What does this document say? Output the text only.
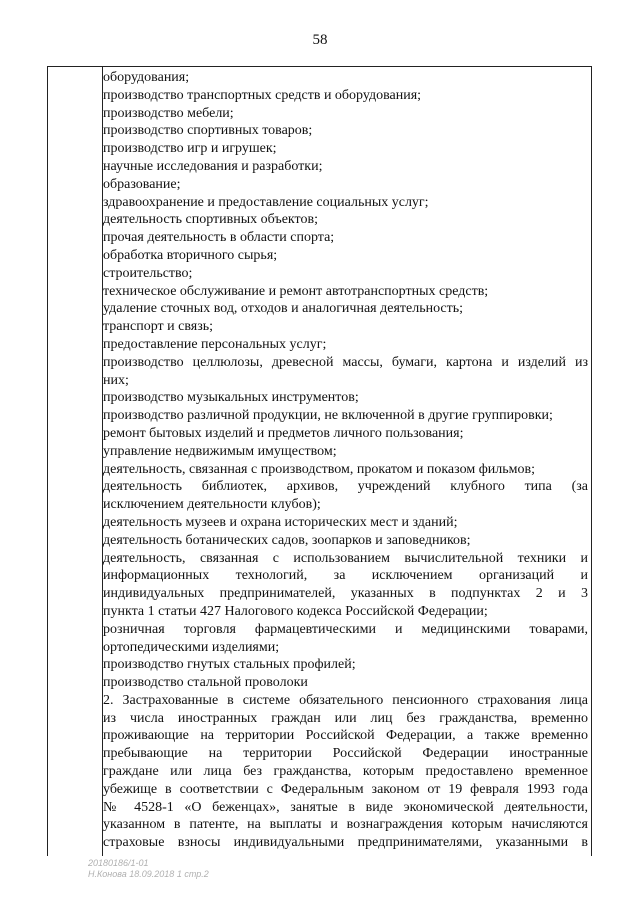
58
оборудования;
производство транспортных средств и оборудования;
производство мебели;
производство спортивных товаров;
производство игр и игрушек;
научные исследования и разработки;
образование;
здравоохранение и предоставление социальных услуг;
деятельность спортивных объектов;
прочая деятельность в области спорта;
обработка вторичного сырья;
строительство;
техническое обслуживание и ремонт автотранспортных средств;
удаление сточных вод, отходов и аналогичная деятельность;
транспорт и связь;
предоставление персональных услуг;
производство целлюлозы, древесной массы, бумаги, картона и изделий из
них;
производство музыкальных инструментов;
производство различной продукции, не включенной в другие группировки;
ремонт бытовых изделий и предметов личного пользования;
управление недвижимым имуществом;
деятельность, связанная с производством, прокатом и показом фильмов;
деятельность библиотек, архивов, учреждений клубного типа (за
исключением деятельности клубов);
деятельность музеев и охрана исторических мест и зданий;
деятельность ботанических садов, зоопарков и заповедников;
деятельность, связанная с использованием вычислительной техники и
информационных технологий, за исключением организаций и
индивидуальных предпринимателей, указанных в подпунктах 2 и 3
пункта 1 статьи 427 Налогового кодекса Российской Федерации;
розничная торговля фармацевтическими и медицинскими товарами,
ортопедическими изделиями;
производство гнутых стальных профилей;
производство стальной проволоки
2. Застрахованные в системе обязательного пенсионного страхования лица
из числа иностранных граждан или лиц без гражданства, временно
проживающие на территории Российской Федерации, а также временно
пребывающие на территории Российской Федерации иностранные
граждане или лица без гражданства, которым предоставлено временное
убежище в соответствии с Федеральным законом от 19 февраля 1993 года
№ 4528-1 «О беженцах», занятые в виде экономической деятельности,
указанном в патенте, на выплаты и вознаграждения которым начисляются
страховые взносы индивидуальными предпринимателями, указанными в
20180186/1-01
Н.Конова 18.09.2018 1 стр.2
